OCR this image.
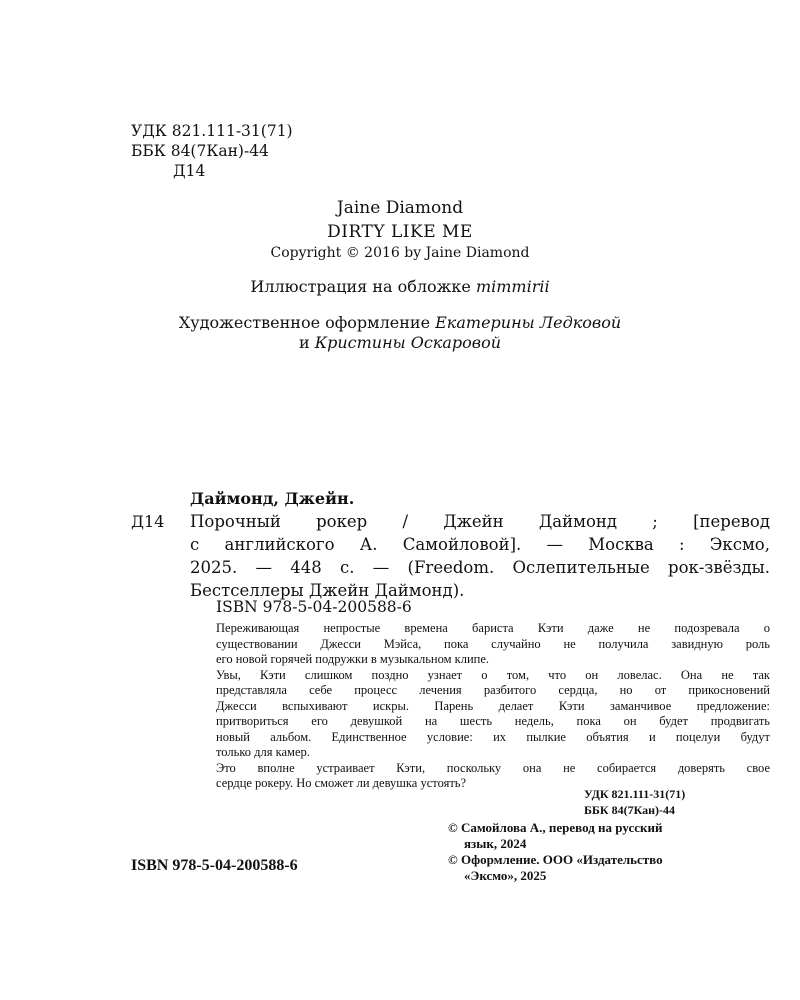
УДК 821.111-31(71)
ББК 84(7Кан)-44
Д14
Jaine Diamond
DIRTY LIKE ME
Copyright © 2016 by Jaine Diamond
Иллюстрация на обложке mimmirii
Художественное оформление Екатерины Ледковой
и Кристины Оскаровой
Даймонд, Джейн.
Д14 Порочный рокер / Джейн Даймонд ; [перевод
с английского А. Самойловой]. — Москва : Эксмо,
2025. — 448 с. — (Freedom. Ослепительные рок-звёзды.
Бестселлеры Джейн Даймонд).
ISBN 978-5-04-200588-6

Переживающая непростые времена бариста Кэти даже не подозревала о
существовании Джесси Мэйса, пока случайно не получила завидную роль
его новой горячей подружки в музыкальном клипе.

Увы, Кэти слишком поздно узнает о том, что он ловелас. Она не так
представляла себе процесс лечения разбитого сердца, но от прикосновений
Джесси вспыхивают искры. Парень делает Кэти заманчивое предложение:
притвориться его девушкой на шесть недель, пока он будет продвигать
новый альбом. Единственное условие: их пылкие объятия и поцелуи будут
только для камер.

Это вполне устраивает Кэти, поскольку она не собирается доверять свое
сердце рокеру. Но сможет ли девушка устоять?

УДК 821.111-31(71)
ББК 84(7Кан)-44
© Самойлова А., перевод на русский
язык, 2024
© Оформление. ООО «Издательство
«Эксмо», 2025
ISBN 978-5-04-200588-6
